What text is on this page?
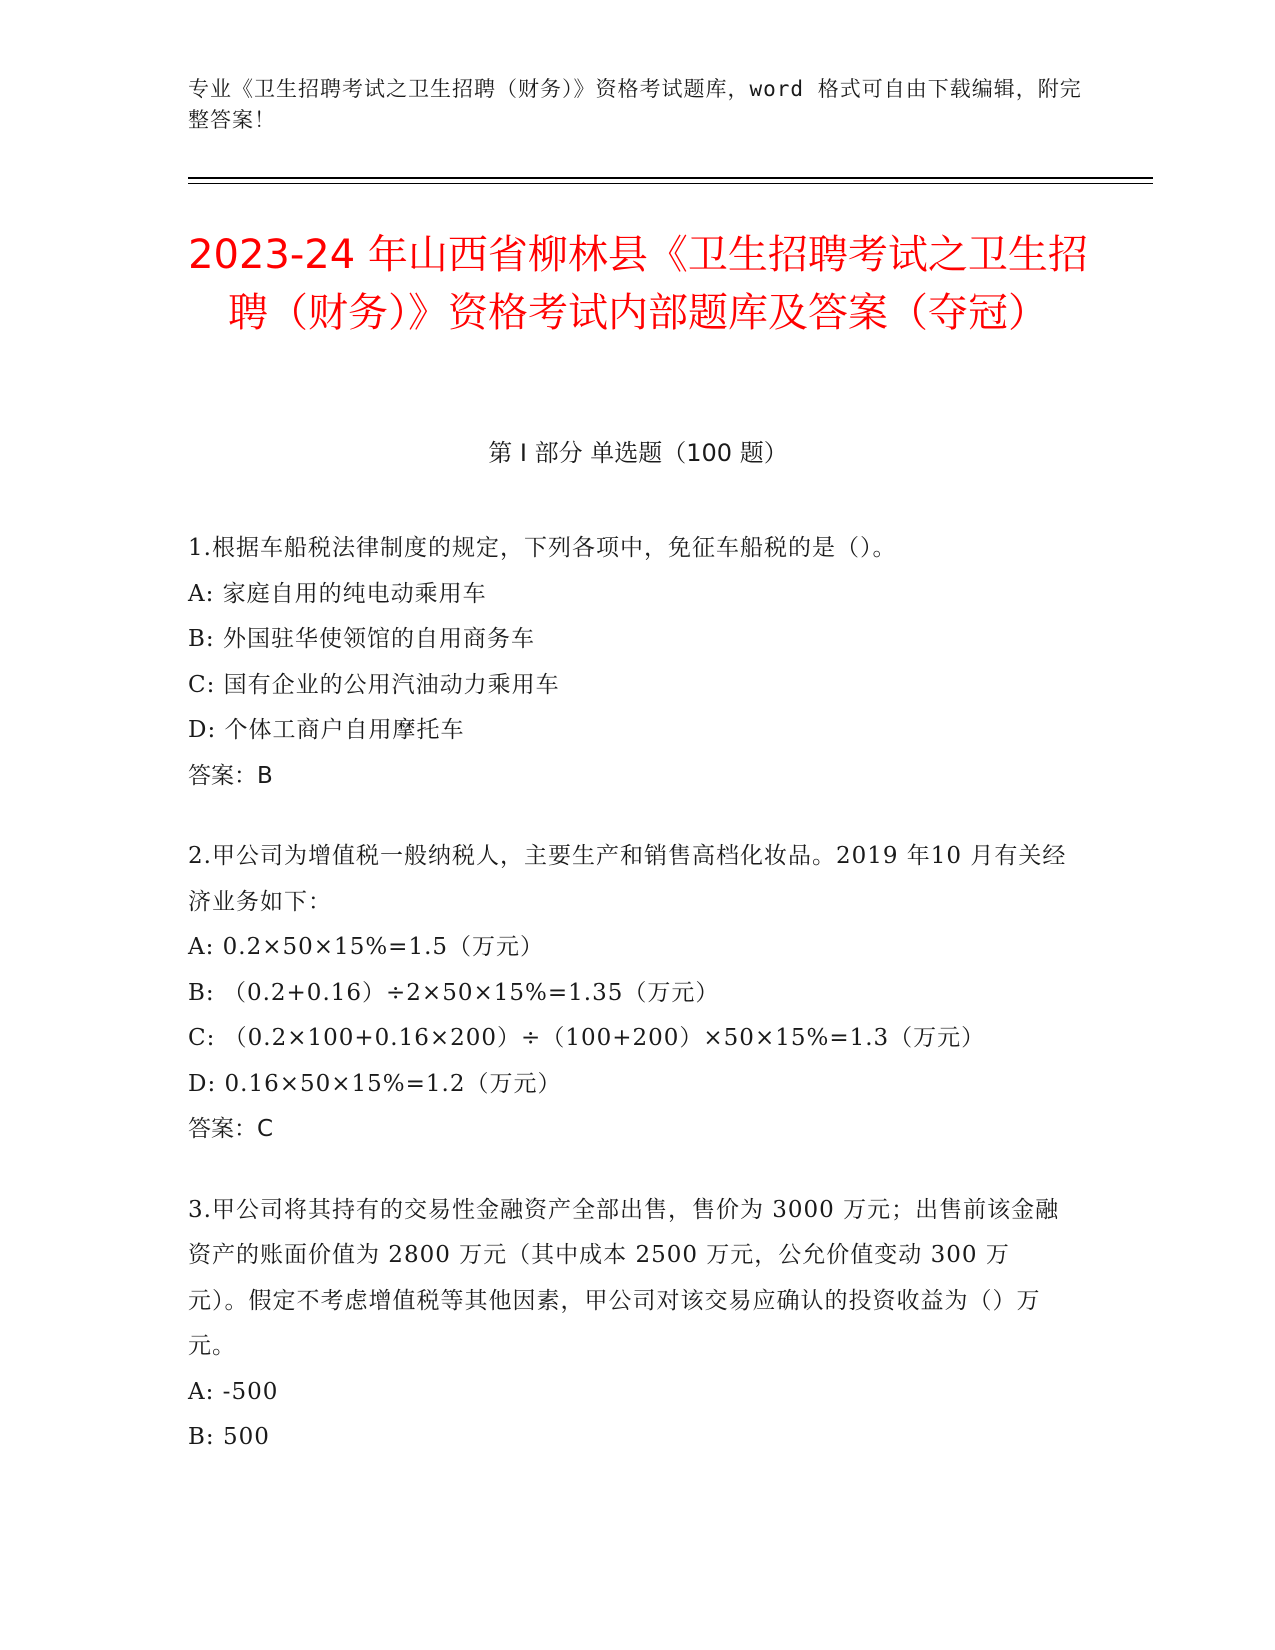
专业《卫生招聘考试之卫生招聘（财务）》资格考试题库，word 格式可自由下载编辑，附完整答案！
2023-24 年山西省柳林县《卫生招聘考试之卫生招聘（财务）》资格考试内部题库及答案（夺冠）
第 I 部分 单选题（100 题）

1.根据车船税法律制度的规定，下列各项中，免征车船税的是（）。

A: 家庭自用的纯电动乘用车

B: 外国驻华使领馆的自用商务车

C: 国有企业的公用汽油动力乘用车

D: 个体工商户自用摩托车

答案：B

2.甲公司为增值税一般纳税人，主要生产和销售高档化妆品。2019 年10 月有关经济业务如下：

A: 0.2×50×15%=1.5（万元）

B: （0.2+0.16）÷2×50×15%=1.35（万元）

C: （0.2×100+0.16×200）÷（100+200）×50×15%=1.3（万元）

D: 0.16×50×15%=1.2（万元）

答案：C

3.甲公司将其持有的交易性金融资产全部出售，售价为 3000 万元；出售前该金融资产的账面价值为 2800 万元（其中成本 2500 万元，公允价值变动 300 万元）。假定不考虑增值税等其他因素，甲公司对该交易应确认的投资收益为（）万元。

A: -500

B: 500
